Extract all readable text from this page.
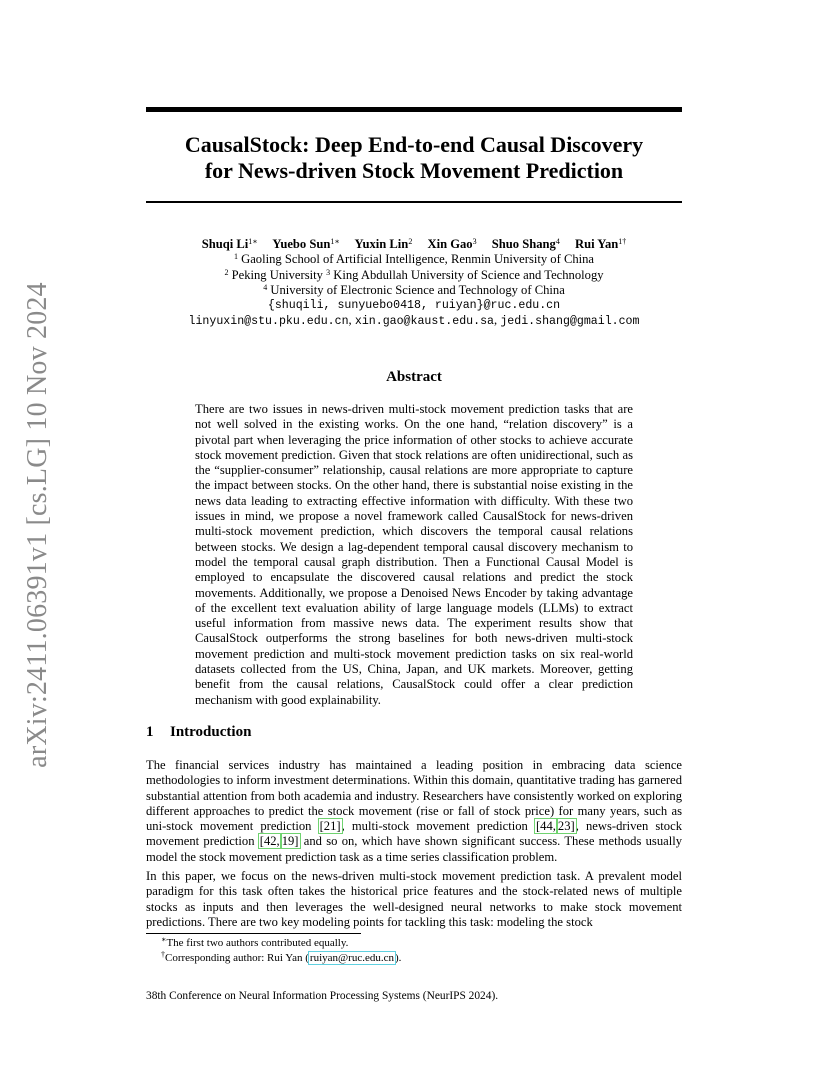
arXiv:2411.06391v1 [cs.LG] 10 Nov 2024
CausalStock: Deep End-to-end Causal Discovery
for News-driven Stock Movement Prediction
Shuqi $Li^{1∗}$ Yuebo Sun$^{1∗}$ Yuxin Lin$^2$ Xin Gao$^3$ Shuo Shang$^4$ Rui Yan$^{1\dagger}$
$^1$ Gaoling School of Artificial Intelligence, Renmin University of China
$^2$ Peking University $^3$ King Abdullah University of Science and Technology
$^4$ University of Electronic Science and Technology of China
{shuqili, sunyuebo0418, ruiyan}@ruc.edu.cn
linyuxin@stu.pku.edu.cn, xin.gao@kaust.edu.sa, jedi.shang@gmail.com
Abstract
There are two issues in news-driven multi-stock movement prediction tasks that are not well solved in the existing works. On the one hand, “relation discovery” is a pivotal part when leveraging the price information of other stocks to achieve accurate stock movement prediction. Given that stock relations are often unidirectional, such as the “supplier-consumer” relationship, causal relations are more appropriate to capture the impact between stocks. On the other hand, there is substantial noise existing in the news data leading to extracting effective information with difficulty. With these two issues in mind, we propose a novel framework called CausalStock for news-driven multi-stock movement prediction, which discovers the temporal causal relations between stocks. We design a lag-dependent temporal causal discovery mechanism to model the temporal causal graph distribution. Then a Functional Causal Model is employed to encapsulate the discovered causal relations and predict the stock movements. Additionally, we propose a Denoised News Encoder by taking advantage of the excellent text evaluation ability of large language models (LLMs) to extract useful information from massive news data. The experiment results show that CausalStock outperforms the strong baselines for both news-driven multi-stock movement prediction and multi-stock movement prediction tasks on six real-world datasets collected from the US, China, Japan, and UK markets. Moreover, getting benefit from the causal relations, CausalStock could offer a clear prediction mechanism with good explainability.
1 Introduction
The financial services industry has maintained a leading position in embracing data science methodologies to inform investment determinations. Within this domain, quantitative trading has garnered substantial attention from both academia and industry. Researchers have consistently worked on exploring different approaches to predict the stock movement (rise or fall of stock price) for many years, such as uni-stock movement prediction [21], multi-stock movement prediction [44, 23], news-driven stock movement prediction [42, 19] and so on, which have shown significant success. These methods usually model the stock movement prediction task as a time series classification problem.
In this paper, we focus on the news-driven multi-stock movement prediction task. A prevalent model paradigm for this task often takes the historical price features and the stock-related news of multiple stocks as inputs and then leverages the well-designed neural networks to make stock movement predictions. There are two key modeling points for tackling this task: modeling the stock
∗The first two authors contributed equally.
†Corresponding author: Rui Yan (ruiyan@ruc.edu.cn).
38th Conference on Neural Information Processing Systems (NeurIPS 2024).
